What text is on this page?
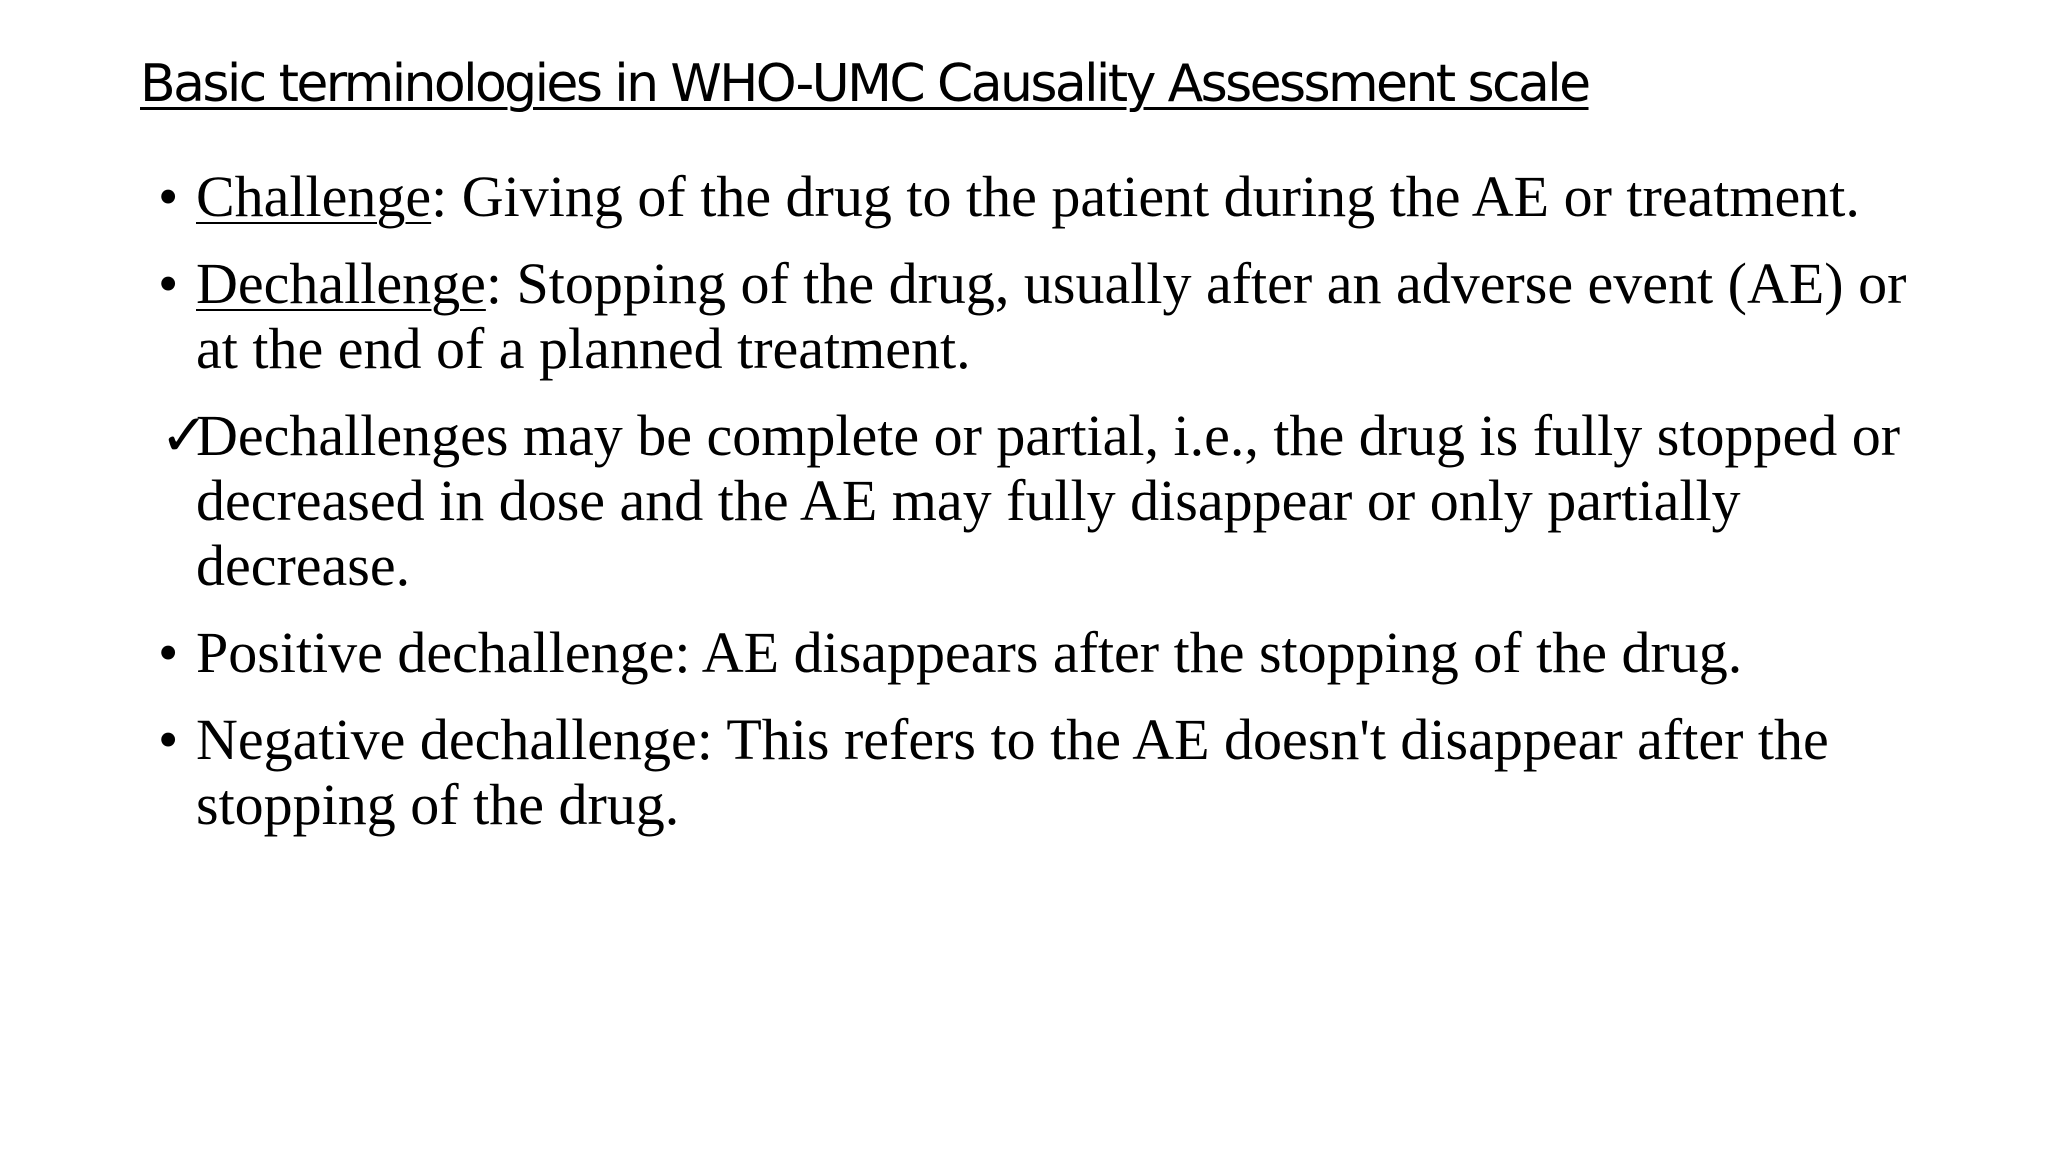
Basic terminologies in WHO-UMC Causality Assessment scale
• Challenge: Giving of the drug to the patient during the AE or treatment.
• Dechallenge: Stopping of the drug, usually after an adverse event (AE) or at the end of a planned treatment.
✓
Dechallenges may be complete or partial, i.e., the drug is fully stopped or decreased in dose and the AE may fully disappear or only partially decrease.
• Positive dechallenge: AE disappears after the stopping of the drug.
• Negative dechallenge: This refers to the AE doesn't disappear after the stopping of the drug.
